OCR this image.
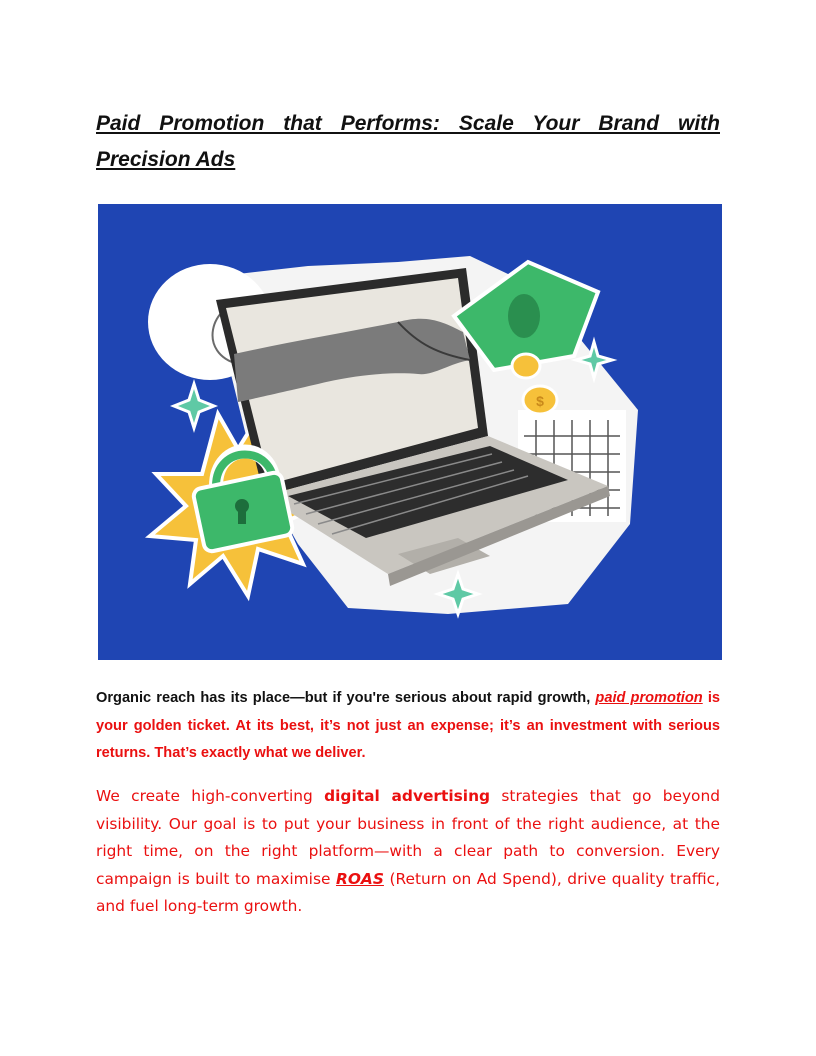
Paid Promotion that Performs: Scale Your Brand with Precision Ads
$

Organic reach has its place—but if you're serious about rapid growth, paid promotion is your golden ticket. At its best, it’s not just an expense; it’s an investment with serious returns. That’s exactly what we deliver.

We create high-converting digital advertising strategies that go beyond visibility. Our goal is to put your business in front of the right audience, at the right time, on the right platform—with a clear path to conversion. Every campaign is built to maximise ROAS (Return on Ad Spend), drive quality traffic, and fuel long-term growth.
